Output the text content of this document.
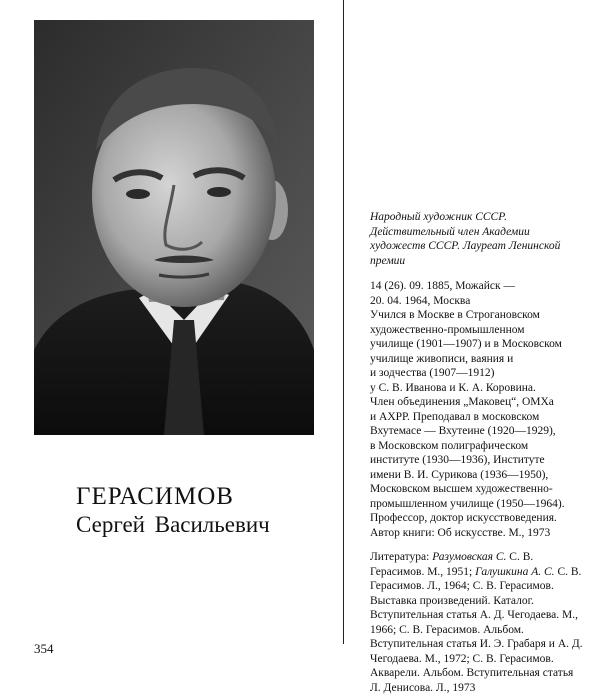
ГЕРАСИМОВ

Сергей Васильевич

Народный художник СССР. Действительный член Академии художеств СССР. Лауреат Ленинской премии

14 (26). 09. 1885, Можайск —
20. 04. 1964, Москва
Учился в Москве в Строгановском
художественно-промышленном
училище (1901—1907) и в Московском
училище живописи, ваяния и
и зодчества (1907—1912)
у С. В. Иванова и К. А. Коровина.
Член объединения „Маковец“, ОМХа
и АХРР. Преподавал в московском
Вхутемасе — Вхутеине (1920—1929),
в Московском полиграфическом
институте (1930—1936), Институте
имени В. И. Сурикова (1936—1950),
Московском высшем художественно-
промышленном училище (1950—1964).
Профессор, доктор искусствоведения.
Автор книги: Об искусстве. М., 1973

Литература: Разумовская С. С. В. Герасимов. М., 1951; Галушкина А. С. С. В. Герасимов. Л., 1964; С. В. Герасимов. Выставка произведений. Каталог. Вступительная статья А. Д. Чегодаева. М., 1966; С. В. Герасимов. Альбом. Вступительная статья И. Э. Грабаря и А. Д. Чегодаева. М., 1972; С. В. Герасимов. Акварели. Альбом. Вступительная статья Л. Денисова. Л., 1973

354
